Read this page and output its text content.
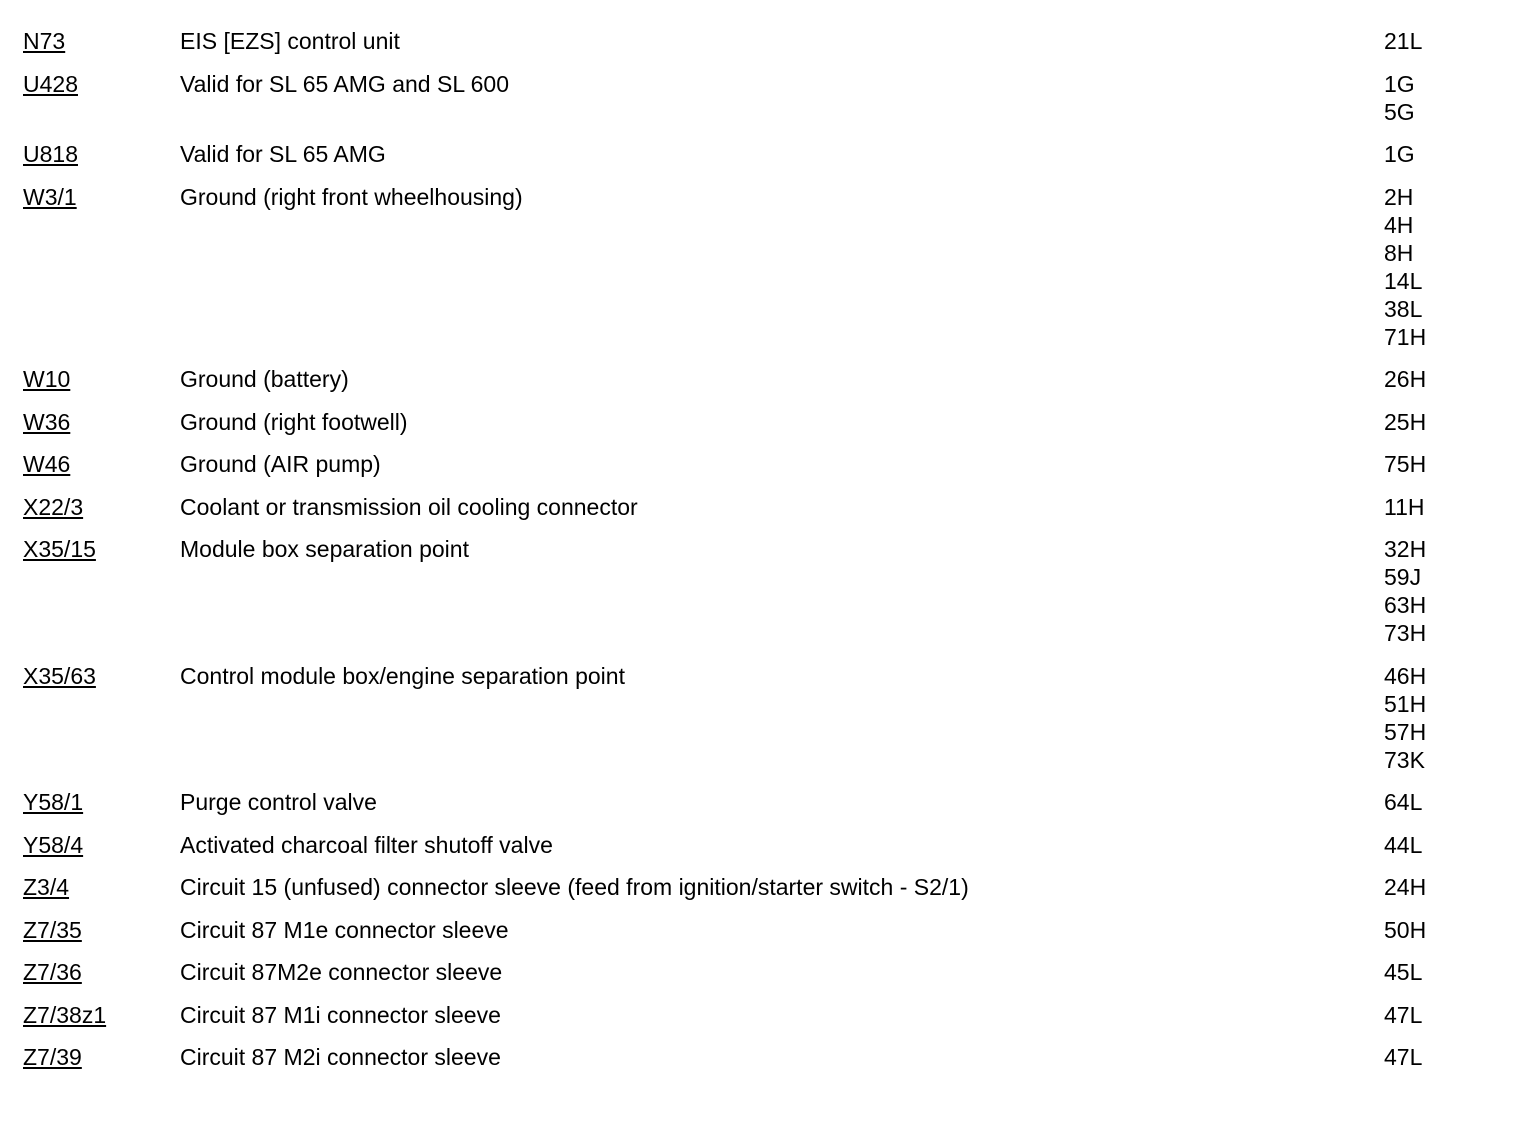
N73	EIS [EZS] control unit	21L
U428	Valid for SL 65 AMG and SL 600	1G
5G
U818	Valid for SL 65 AMG	1G
W3/1	Ground (right front wheelhousing)	2H
4H
8H
14L
38L
71H
W10	Ground (battery)	26H
W36	Ground (right footwell)	25H
W46	Ground (AIR pump)	75H
X22/3	Coolant or transmission oil cooling connector	11H
X35/15	Module box separation point	32H
59J
63H
73H
X35/63	Control module box/engine separation point	46H
51H
57H
73K
Y58/1	Purge control valve	64L
Y58/4	Activated charcoal filter shutoff valve	44L
Z3/4	Circuit 15 (unfused) connector sleeve (feed from ignition/starter switch - S2/1)	24H
Z7/35	Circuit 87 M1e connector sleeve	50H
Z7/36	Circuit 87M2e connector sleeve	45L
Z7/38z1	Circuit 87 M1i connector sleeve	47L
Z7/39	Circuit 87 M2i connector sleeve	47L
